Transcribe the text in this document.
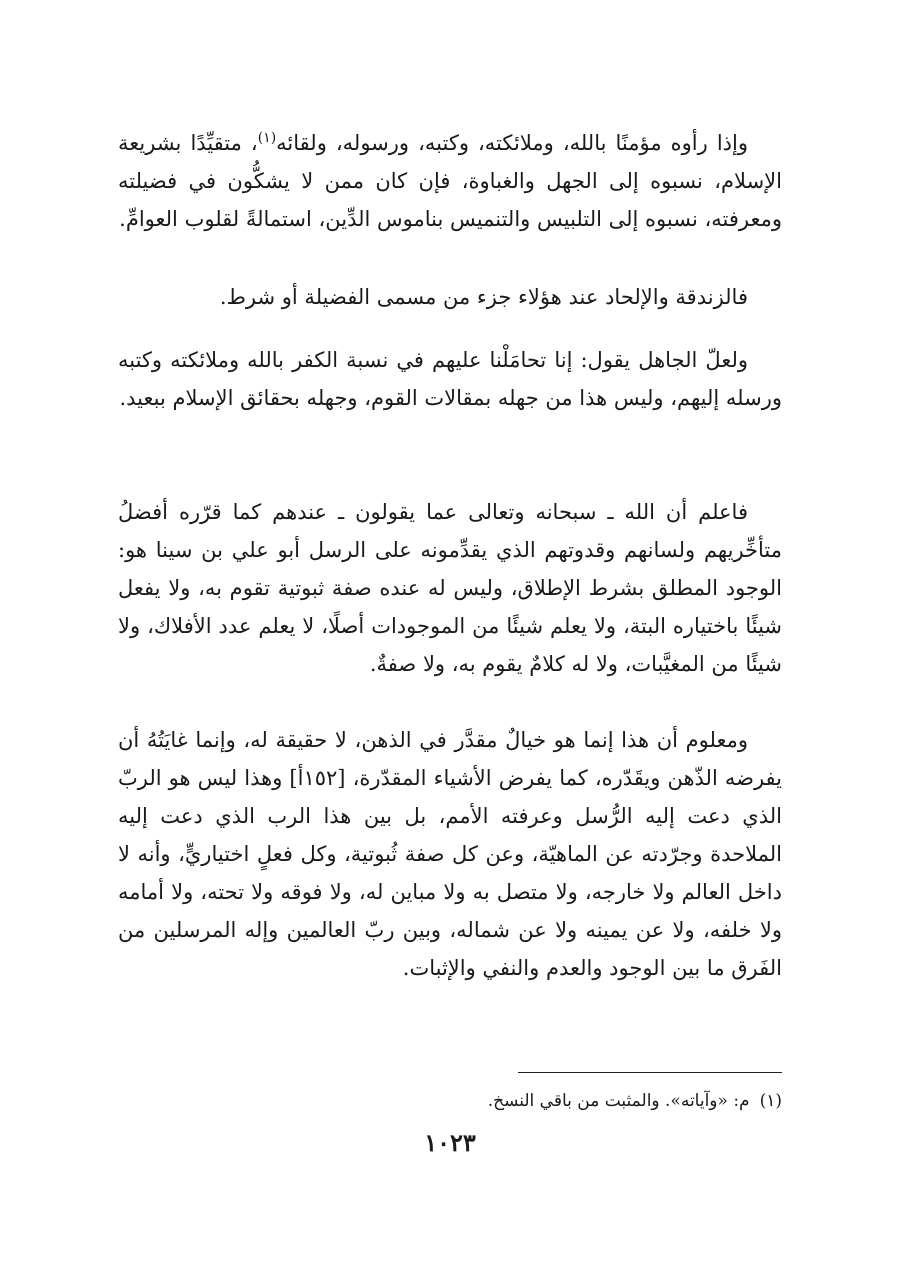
وإذا رأوه مؤمنًا بالله، وملائكته، وكتبه، ورسوله، ولقائه$^{(١)}$، متقيِّدًا بشريعة الإسلام، نسبوه إلى الجهل والغباوة، فإن كان ممن لا يشكُّون في فضيلته ومعرفته، نسبوه إلى التلبيس والتنميس بناموس الدِّين، استمالةً لقلوب العوامِّ.

فالزندقة والإلحاد عند هؤلاء جزء من مسمى الفضيلة أو شرط.

ولعلّ الجاهل يقول: إنا تحامَلْنا عليهم في نسبة الكفر بالله وملائكته وكتبه ورسله إليهم، وليس هذا من جهله بمقالات القوم، وجهله بحقائق الإسلام ببعيد.

فاعلم أن الله ـ سبحانه وتعالى عما يقولون ـ عندهم كما قرّره أفضلُ متأخِّريهم ولسانهم وقدوتهم الذي يقدِّمونه على الرسل أبو علي بن سينا هو: الوجود المطلق بشرط الإطلاق، وليس له عنده صفة ثبوتية تقوم به، ولا يفعل شيئًا باختياره البتة، ولا يعلم شيئًا من الموجودات أصلًا، لا يعلم عدد الأفلاك، ولا شيئًا من المغيَّبات، ولا له كلامٌ يقوم به، ولا صفةٌ.

ومعلوم أن هذا إنما هو خيالٌ مقدَّر في الذهن، لا حقيقة له، وإنما غايَتُهُ أن يفرضه الذّهن ويقَدّره، كما يفرض الأشياء المقدّرة، [١٥٢أ] وهذا ليس هو الربّ الذي دعت إليه الرُّسل وعرفته الأمم، بل بين هذا الرب الذي دعت إليه الملاحدة وجرّدته عن الماهيّة، وعن كل صفة ثُبوتية، وكل فعلٍ اختياريٍّ، وأنه لا داخل العالم ولا خارجه، ولا متصل به ولا مباين له، ولا فوقه ولا تحته، ولا أمامه ولا خلفه، ولا عن يمينه ولا عن شماله، وبين ربّ العالمين وإله المرسلين من الفَرق ما بين الوجود والعدم والنفي والإثبات.

(١)م: «وآياته». والمثبت من باقي النسخ.
١٠٢٣
